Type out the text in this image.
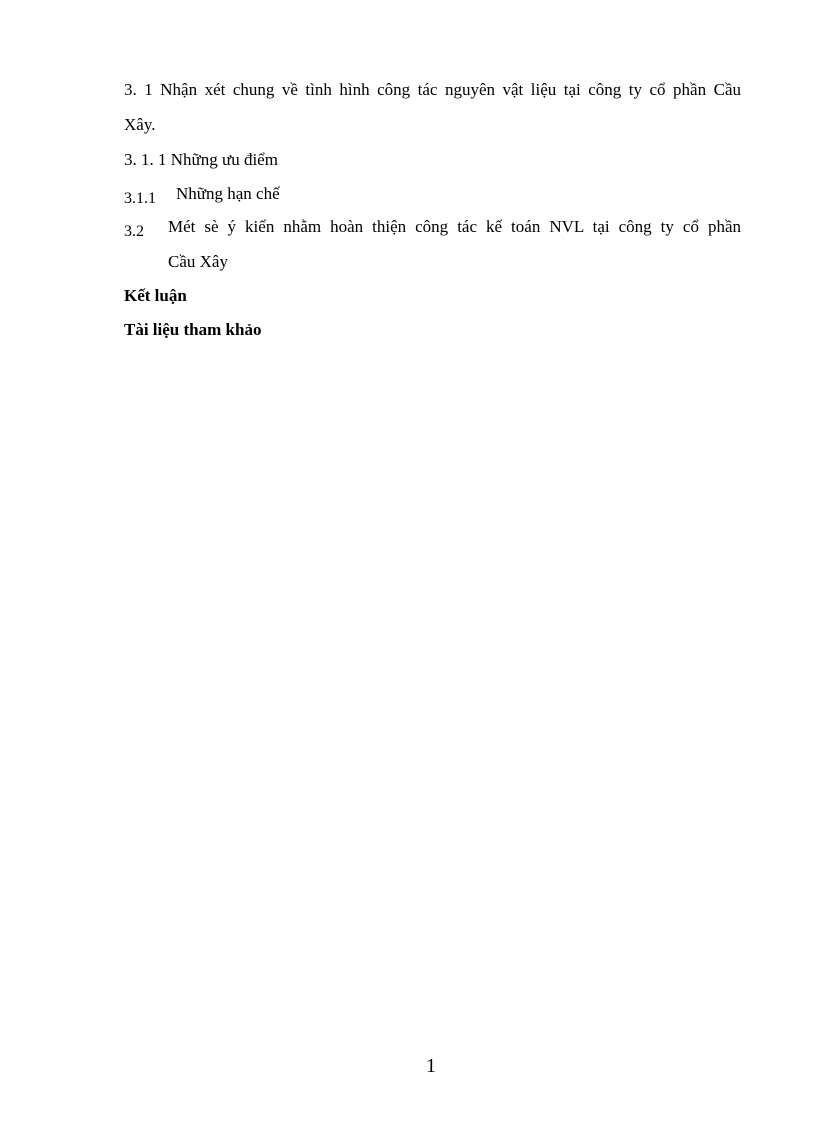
3. 1 Nhận xét chung về tình hình công tác nguyên vật liệu tại công ty cổ phần Cầu
Xây.
3. 1. 1 Những ưu điểm
3.1.1 Những hạn chế
3.2 Mét sè ý kiến nhằm hoàn thiện công tác kế toán NVL tại công ty cổ phần
Cầu Xây
Kết luận
Tài liệu tham khảo
1
